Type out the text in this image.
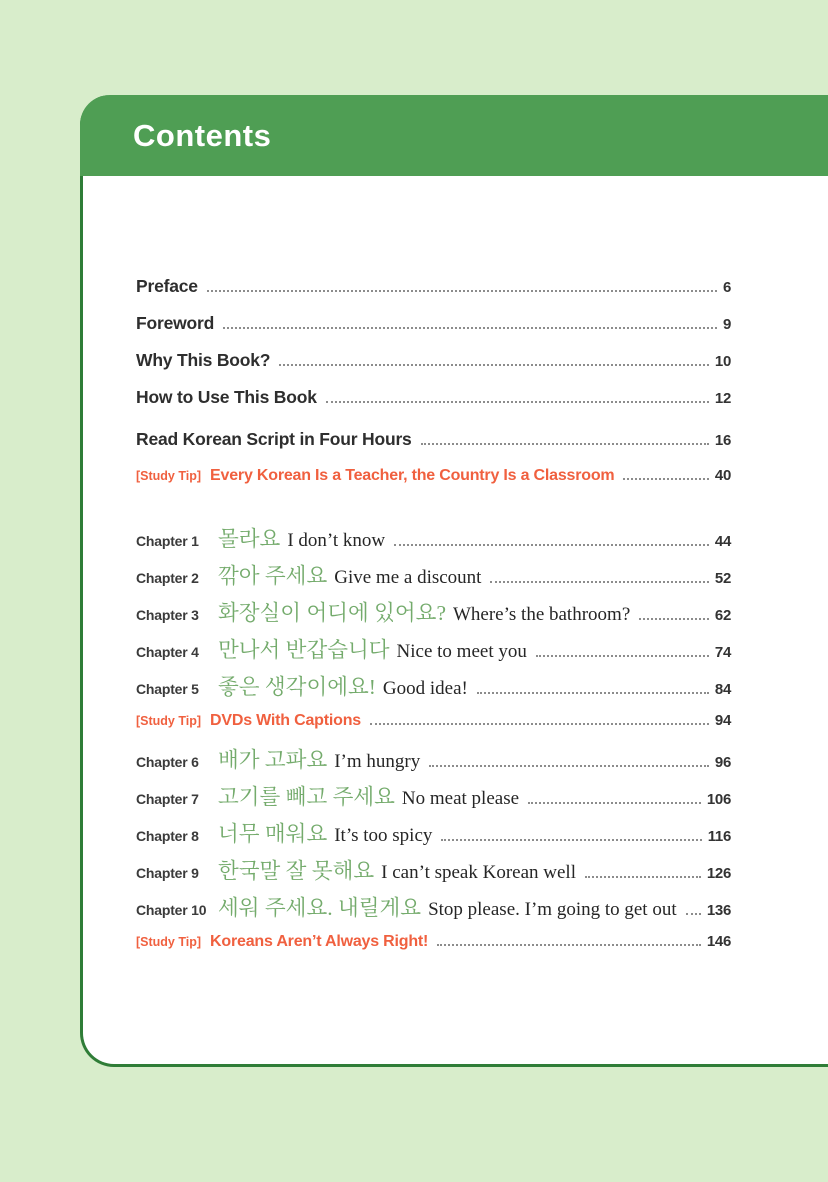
Contents
Preface	6
Foreword	9
Why This Book?	10
How to Use This Book	12
Read Korean Script in Four Hours	16
[Study Tip] Every Korean Is a Teacher, the Country Is a Classroom	40
Chapter 1 몰라요 I don’t know	44
Chapter 2 깎아 주세요 Give me a discount	52
Chapter 3 화장실이 어디에 있어요? Where’s the bathroom?	62
Chapter 4 만나서 반갑습니다 Nice to meet you	74
Chapter 5 좋은 생각이에요! Good idea!	84
[Study Tip] DVDs With Captions	94
Chapter 6 배가 고파요 I’m hungry	96
Chapter 7 고기를 빼고 주세요 No meat please	106
Chapter 8 너무 매워요 It’s too spicy	116
Chapter 9 한국말 잘 못해요 I can’t speak Korean well	126
Chapter 10 세워 주세요. 내릴게요 Stop please. I’m going to get out 136
[Study Tip] Koreans Aren’t Always Right!	146
